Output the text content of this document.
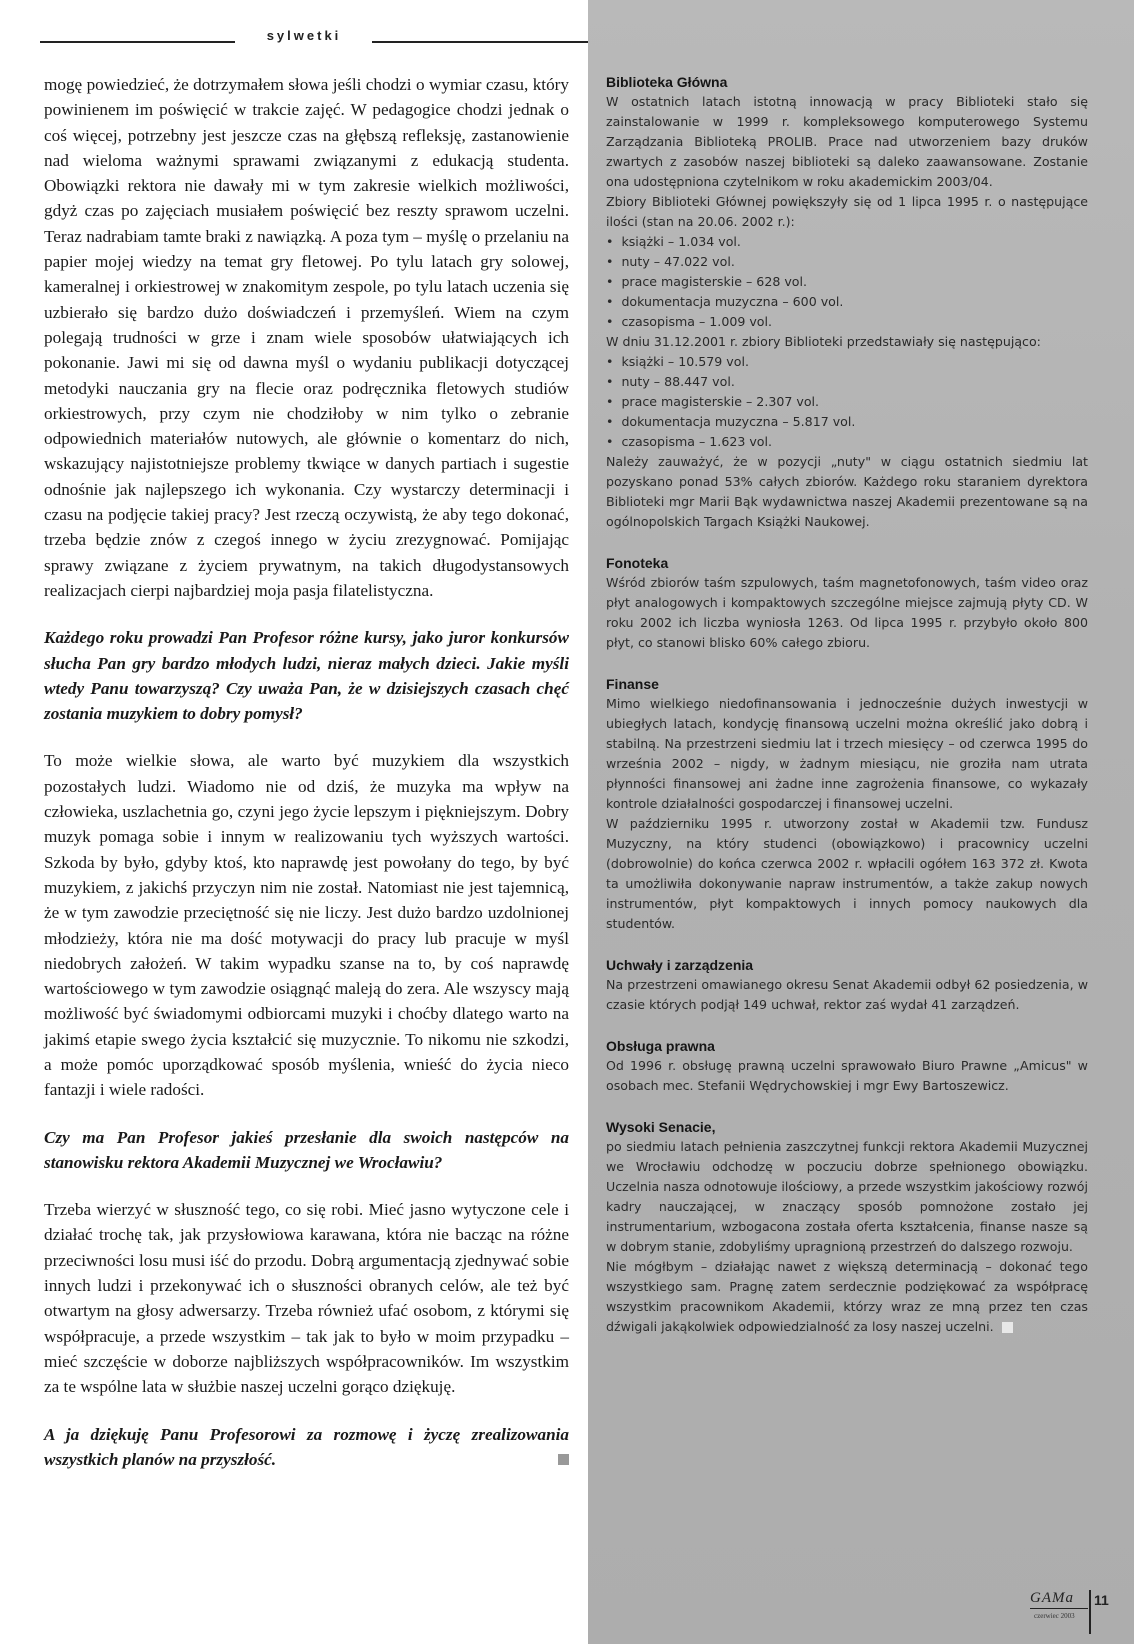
sylwetki

mogę powiedzieć, że dotrzymałem słowa jeśli chodzi o wymiar czasu, który powinienem im poświęcić w trakcie zajęć. W pedagogice chodzi jednak o coś więcej, potrzebny jest jeszcze czas na głębszą refleksję, zastanowienie nad wieloma ważnymi sprawami związanymi z edukacją studenta. Obowiązki rektora nie dawały mi w tym zakresie wielkich możliwości, gdyż czas po zajęciach musiałem poświęcić bez reszty sprawom uczelni. Teraz nadrabiam tamte braki z nawiązką. A poza tym – myślę o przelaniu na papier mojej wiedzy na temat gry fletowej. Po tylu latach gry solowej, kameralnej i orkiestrowej w znakomitym zespole, po tylu latach uczenia się uzbierało się bardzo dużo doświadczeń i przemyśleń. Wiem na czym polegają trudności w grze i znam wiele sposobów ułatwiających ich pokonanie. Jawi mi się od dawna myśl o wydaniu publikacji dotyczącej metodyki nauczania gry na flecie oraz podręcznika fletowych studiów orkiestrowych, przy czym nie chodziłoby w nim tylko o zebranie odpowiednich materiałów nutowych, ale głównie o komentarz do nich, wskazujący najistotniejsze problemy tkwiące w danych partiach i sugestie odnośnie jak najlepszego ich wykonania. Czy wystarczy determinacji i czasu na podjęcie takiej pracy? Jest rzeczą oczywistą, że aby tego dokonać, trzeba będzie znów z czegoś innego w życiu zrezygnować. Pomijając sprawy związane z życiem prywatnym, na takich długodystansowych realizacjach cierpi najbardziej moja pasja filatelistyczna.

Każdego roku prowadzi Pan Profesor różne kursy, jako juror konkursów słucha Pan gry bardzo młodych ludzi, nieraz małych dzieci. Jakie myśli wtedy Panu towarzyszą? Czy uważa Pan, że w dzisiejszych czasach chęć zostania muzykiem to dobry pomysł?

To może wielkie słowa, ale warto być muzykiem dla wszystkich pozostałych ludzi. Wiadomo nie od dziś, że muzyka ma wpływ na człowieka, uszlachetnia go, czyni jego życie lepszym i piękniejszym. Dobry muzyk pomaga sobie i innym w realizowaniu tych wyższych wartości. Szkoda by było, gdyby ktoś, kto naprawdę jest powołany do tego, by być muzykiem, z jakichś przyczyn nim nie został. Natomiast nie jest tajemnicą, że w tym zawodzie przeciętność się nie liczy. Jest dużo bardzo uzdolnionej młodzieży, która nie ma dość motywacji do pracy lub pracuje w myśl niedobrych założeń. W takim wypadku szanse na to, by coś naprawdę wartościowego w tym zawodzie osiągnąć maleją do zera. Ale wszyscy mają możliwość być świadomymi odbiorcami muzyki i choćby dlatego warto na jakimś etapie swego życia kształcić się muzycznie. To nikomu nie szkodzi, a może pomóc uporządkować sposób myślenia, wnieść do życia nieco fantazji i wiele radości.

Czy ma Pan Profesor jakieś przesłanie dla swoich następców na stanowisku rektora Akademii Muzycznej we Wrocławiu?

Trzeba wierzyć w słuszność tego, co się robi. Mieć jasno wytyczone cele i działać trochę tak, jak przysłowiowa karawana, która nie bacząc na różne przeciwności losu musi iść do przodu. Dobrą argumentacją zjednywać sobie innych ludzi i przekonywać ich o słuszności obranych celów, ale też być otwartym na głosy adwersarzy. Trzeba również ufać osobom, z którymi się współpracuje, a przede wszystkim – tak jak to było w moim przypadku – mieć szczęście w doborze najbliższych współpracowników. Im wszystkim za te wspólne lata w służbie naszej uczelni gorąco dziękuję.

A ja dziękuję Panu Profesorowi za rozmowę i życzę zrealizowania wszystkich planów na przyszłość.

Biblioteka Główna

W ostatnich latach istotną innowacją w pracy Biblioteki stało się zainstalowanie w 1999 r. kompleksowego komputerowego Systemu Zarządzania Biblioteką PROLIB. Prace nad utworzeniem bazy druków zwartych z zasobów naszej biblioteki są daleko zaawansowane. Zostanie ona udostępniona czytelnikom w roku akademickim 2003/04.

Zbiory Biblioteki Głównej powiększyły się od 1 lipca 1995 r. o następujące ilości (stan na 20.06. 2002 r.):

•  książki – 1.034 vol.
•  nuty – 47.022 vol.
•  prace magisterskie – 628 vol.
•  dokumentacja muzyczna – 600 vol.
•  czasopisma – 1.009 vol.

W dniu 31.12.2001 r. zbiory Biblioteki przedstawiały się następująco:

•  książki – 10.579 vol.
•  nuty – 88.447 vol.
•  prace magisterskie – 2.307 vol.
•  dokumentacja muzyczna – 5.817 vol.
•  czasopisma – 1.623 vol.

Należy zauważyć, że w pozycji „nuty" w ciągu ostatnich siedmiu lat pozyskano ponad 53% całych zbiorów. Każdego roku staraniem dyrektora Biblioteki mgr Marii Bąk wydawnictwa naszej Akademii prezentowane są na ogólnopolskich Targach Książki Naukowej.

Fonoteka

Wśród zbiorów taśm szpulowych, taśm magnetofonowych, taśm video oraz płyt analogowych i kompaktowych szczególne miejsce zajmują płyty CD. W roku 2002 ich liczba wyniosła 1263. Od lipca 1995 r. przybyło około 800 płyt, co stanowi blisko 60% całego zbioru.

Finanse

Mimo wielkiego niedofinansowania i jednocześnie dużych inwestycji w ubiegłych latach, kondycję finansową uczelni można określić jako dobrą i stabilną. Na przestrzeni siedmiu lat i trzech miesięcy – od czerwca 1995 do września 2002 – nigdy, w żadnym miesiącu, nie groziła nam utrata płynności finansowej ani żadne inne zagrożenia finansowe, co wykazały kontrole działalności gospodarczej i finansowej uczelni.

W październiku 1995 r. utworzony został w Akademii tzw. Fundusz Muzyczny, na który studenci (obowiązkowo) i pracownicy uczelni (dobrowolnie) do końca czerwca 2002 r. wpłacili ogółem 163 372 zł. Kwota ta umożliwiła dokonywanie napraw instrumentów, a także zakup nowych instrumentów, płyt kompaktowych i innych pomocy naukowych dla studentów.

Uchwały i zarządzenia

Na przestrzeni omawianego okresu Senat Akademii odbył 62 posiedzenia, w czasie których podjął 149 uchwał, rektor zaś wydał 41 zarządzeń.

Obsługa prawna

Od 1996 r. obsługę prawną uczelni sprawowało Biuro Prawne „Amicus" w osobach mec. Stefanii Wędrychowskiej i mgr Ewy Bartoszewicz.

Wysoki Senacie,

po siedmiu latach pełnienia zaszczytnej funkcji rektora Akademii Muzycznej we Wrocławiu odchodzę w poczuciu dobrze spełnionego obowiązku. Uczelnia nasza odnotowuje ilościowy, a przede wszystkim jakościowy rozwój kadry nauczającej, w znaczący sposób pomnożone zostało jej instrumentarium, wzbogacona została oferta kształcenia, finanse nasze są w dobrym stanie, zdobyliśmy upragnioną przestrzeń do dalszego rozwoju.

Nie mógłbym – działając nawet z większą determinacją – dokonać tego wszystkiego sam. Pragnę zatem serdecznie podziękować za współpracę wszystkim pracownikom Akademii, którzy wraz ze mną przez ten czas dźwigali jakąkolwiek odpowiedzialność za losy naszej uczelni.

GAMa
czerwiec 2003
11
